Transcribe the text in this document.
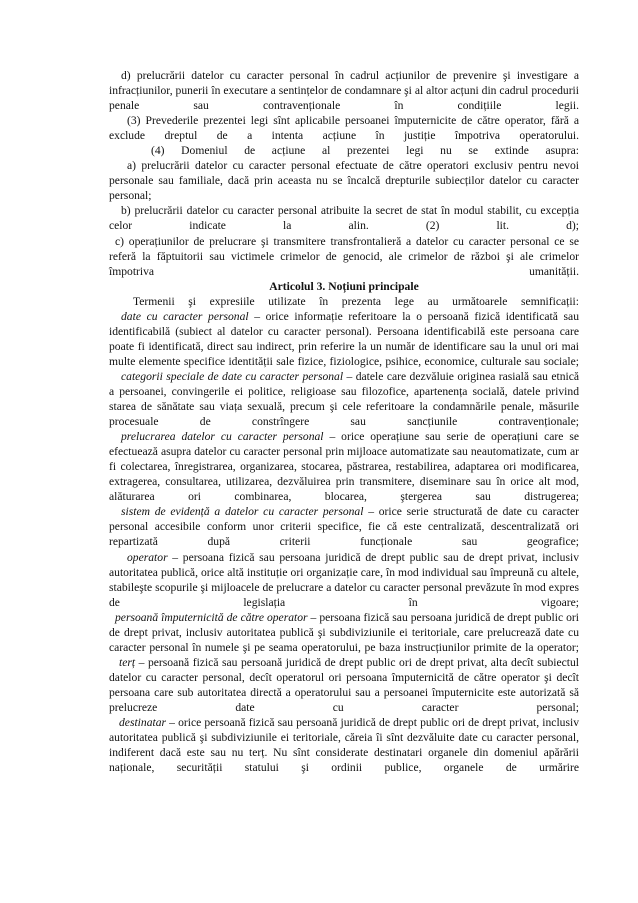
d) prelucrării datelor cu caracter personal în cadrul acțiunilor de prevenire şi investigare a infracțiunilor, punerii în executare a sentințelor de condamnare şi al altor acțuni din cadrul procedurii penale sau contravenționale în condițiile legii.

(3) Prevederile prezentei legi sînt aplicabile persoanei împuternicite de către operator, fără a exclude dreptul de a intenta acțiune în justiție împotriva operatorului.

(4) Domeniul de acțiune al prezentei legi nu se extinde asupra:

a) prelucrării datelor cu caracter personal efectuate de către operatori exclusiv pentru nevoi personale sau familiale, dacă prin aceasta nu se încalcă drepturile subiecților datelor cu caracter personal;

b) prelucrării datelor cu caracter personal atribuite la secret de stat în modul stabilit, cu excepția celor indicate la alin. (2) lit. d);

c) operațiunilor de prelucrare şi transmitere transfrontalieră a datelor cu caracter personal ce se referă la făptuitorii sau victimele crimelor de genocid, ale crimelor de război şi ale crimelor împotriva umanității.

Articolul 3. Noțiuni principale

Termenii şi expresiile utilizate în prezenta lege au următoarele semnificații:

date cu caracter personal – orice informație referitoare la o persoană fizică identificată sau identificabilă (subiect al datelor cu caracter personal). Persoana identificabilă este persoana care poate fi identificată, direct sau indirect, prin referire la un număr de identificare sau la unul ori mai multe elemente specifice identității sale fizice, fiziologice, psihice, economice, culturale sau sociale;

categorii speciale de date cu caracter personal – datele care dezvăluie originea rasială sau etnică a persoanei, convingerile ei politice, religioase sau filozofice, apartenența socială, datele privind starea de sănătate sau viața sexuală, precum şi cele referitoare la condamnările penale, măsurile procesuale de constrîngere sau sancțiunile contravenționale;

prelucrarea datelor cu caracter personal – orice operațiune sau serie de operațiuni care se efectuează asupra datelor cu caracter personal prin mijloace automatizate sau neautomatizate, cum ar fi colectarea, înregistrarea, organizarea, stocarea, păstrarea, restabilirea, adaptarea ori modificarea, extragerea, consultarea, utilizarea, dezvăluirea prin transmitere, diseminare sau în orice alt mod, alăturarea ori combinarea, blocarea, ştergerea sau distrugerea;

sistem de evidență a datelor cu caracter personal – orice serie structurată de date cu caracter personal accesibile conform unor criterii specifice, fie că este centralizată, descentralizată ori repartizată după criterii funcționale sau geografice;

operator – persoana fizică sau persoana juridică de drept public sau de drept privat, inclusiv autoritatea publică, orice altă instituție ori organizație care, în mod individual sau împreună cu altele, stabileşte scopurile şi mijloacele de prelucrare a datelor cu caracter personal prevăzute în mod expres de legislația în vigoare;

persoană împuternicită de către operator – persoana fizică sau persoana juridică de drept public ori de drept privat, inclusiv autoritatea publică şi subdiviziunile ei teritoriale, care prelucrează date cu caracter personal în numele şi pe seama operatorului, pe baza instrucțiunilor primite de la operator;

terț – persoană fizică sau persoană juridică de drept public ori de drept privat, alta decît subiectul datelor cu caracter personal, decît operatorul ori persoana împuternicită de către operator şi decît persoana care sub autoritatea directă a operatorului sau a persoanei împuternicite este autorizată să prelucreze date cu caracter personal;

destinatar – orice persoană fizică sau persoană juridică de drept public ori de drept privat, inclusiv autoritatea publică şi subdiviziunile ei teritoriale, căreia îi sînt dezvăluite date cu caracter personal, indiferent dacă este sau nu terț. Nu sînt considerate destinatari organele din domeniul apărării naționale, securității statului şi ordinii publice, organele de urmărire
